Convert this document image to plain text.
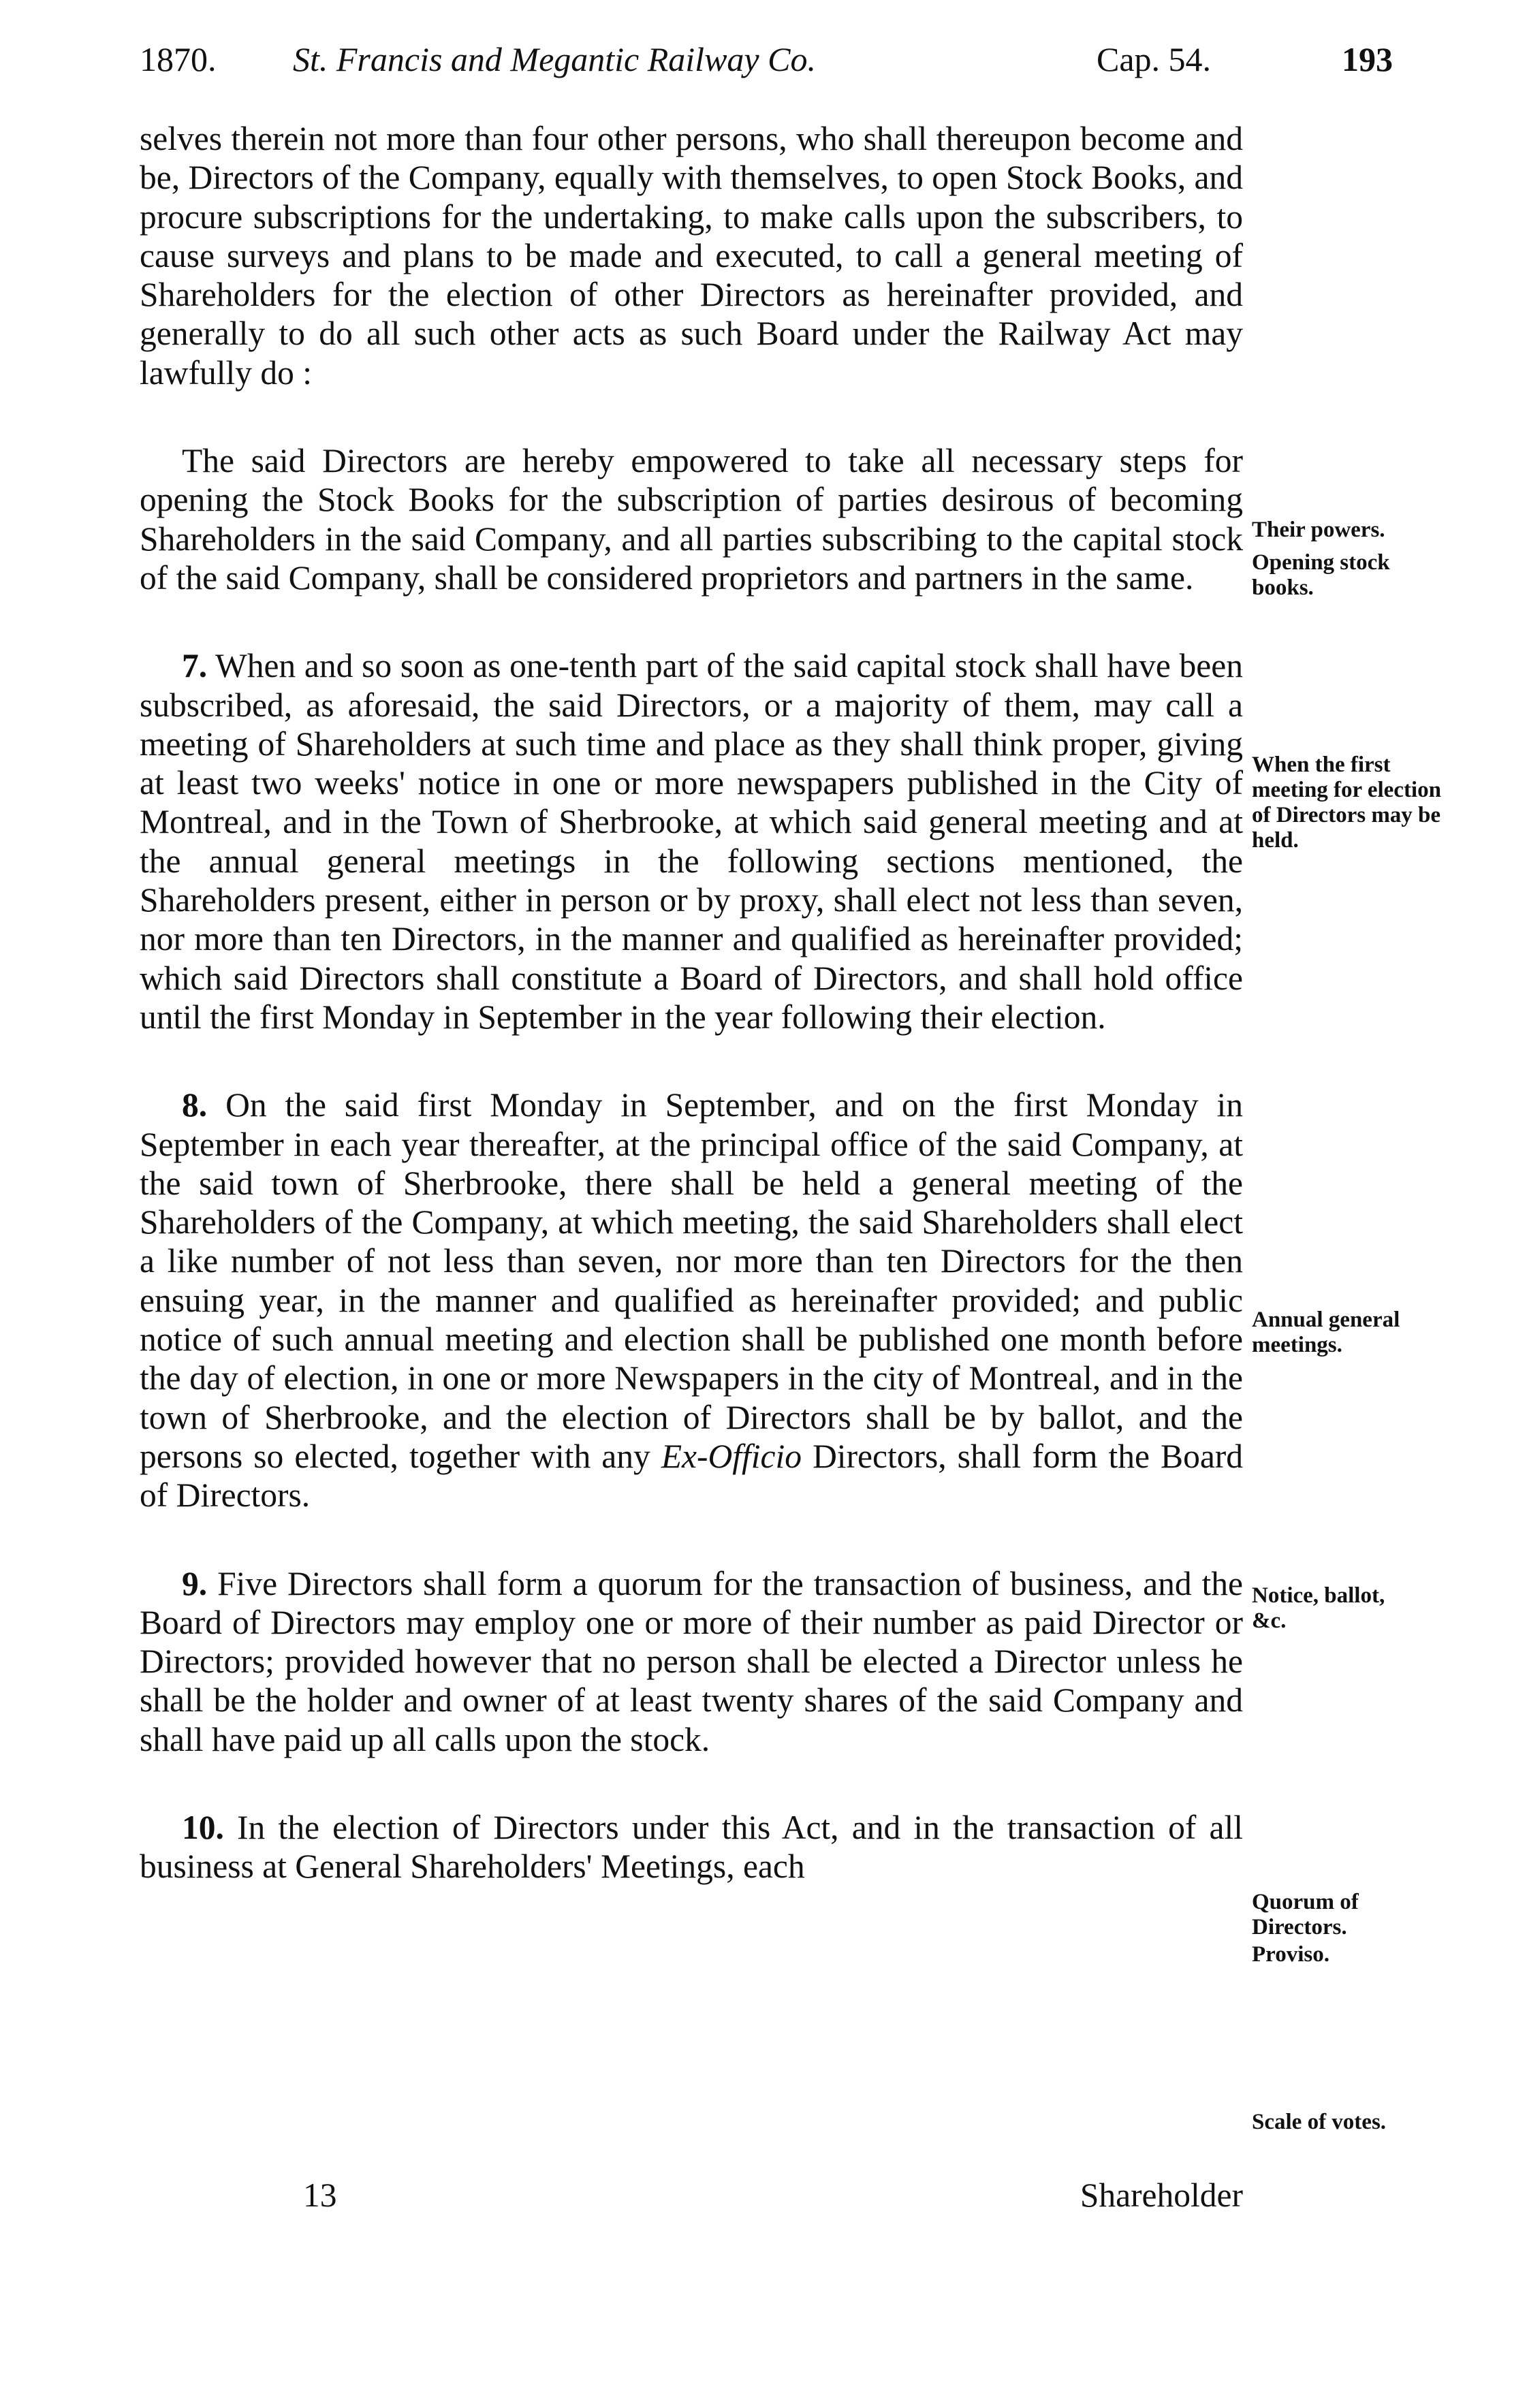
1870. St. Francis and Megantic Railway Co.	Cap. 54.	193

selves therein not more than four other persons, who shall thereupon become and be, Directors of the Company, equally with themselves, to open Stock Books, and procure subscriptions for the undertaking, to make calls upon the subscribers, to cause surveys and plans to be made and executed, to call a general meeting of Shareholders for the election of other Directors as hereinafter provided, and generally to do all such other acts as such Board under the Railway Act may lawfully do :

The said Directors are hereby empowered to take all necessary steps for opening the Stock Books for the subscription of parties desirous of becoming Shareholders in the said Company, and all parties subscribing to the capital stock of the said Company, shall be considered proprietors and partners in the same.

7. When and so soon as one-tenth part of the said capital stock shall have been subscribed, as aforesaid, the said Directors, or a majority of them, may call a meeting of Shareholders at such time and place as they shall think proper, giving at least two weeks' notice in one or more newspapers published in the City of Montreal, and in the Town of Sherbrooke, at which said general meeting and at the annual general meetings in the following sections mentioned, the Shareholders present, either in person or by proxy, shall elect not less than seven, nor more than ten Directors, in the manner and qualified as hereinafter provided; which said Directors shall constitute a Board of Directors, and shall hold office until the first Monday in September in the year following their election.

8. On the said first Monday in September, and on the first Monday in September in each year thereafter, at the principal office of the said Company, at the said town of Sherbrooke, there shall be held a general meeting of the Shareholders of the Company, at which meeting, the said Shareholders shall elect a like number of not less than seven, nor more than ten Directors for the then ensuing year, in the manner and qualified as hereinafter provided; and public notice of such annual meeting and election shall be published one month before the day of election, in one or more Newspapers in the city of Montreal, and in the town of Sherbrooke, and the election of Directors shall be by ballot, and the persons so elected, together with any Ex-Officio Directors, shall form the Board of Directors.

9. Five Directors shall form a quorum for the transaction of business, and the Board of Directors may employ one or more of their number as paid Director or Directors; provided however that no person shall be elected a Director unless he shall be the holder and owner of at least twenty shares of the said Company and shall have paid up all calls upon the stock.

10. In the election of Directors under this Act, and in the transaction of all business at General Shareholders' Meetings, each

Their powers.
Opening stock books.
When the first meeting for election of Directors may be held.
Annual general meetings.
Notice, ballot, &c.
Quorum of Directors.
Proviso.
Scale of votes.
13	Shareholder
